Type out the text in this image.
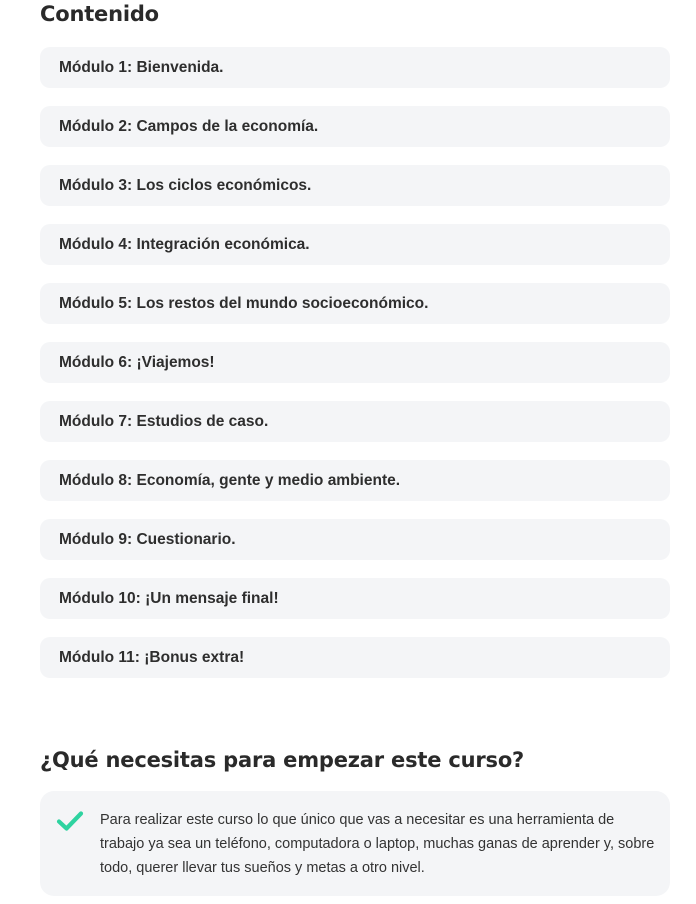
Contenido
Módulo 1: Bienvenida.
Módulo 2: Campos de la economía.
Módulo 3: Los ciclos económicos.
Módulo 4: Integración económica.
Módulo 5: Los restos del mundo socioeconómico.
Módulo 6: ¡Viajemos!
Módulo 7: Estudios de caso.
Módulo 8: Economía, gente y medio ambiente.
Módulo 9: Cuestionario.
Módulo 10: ¡Un mensaje final!
Módulo 11: ¡Bonus extra!
¿Qué necesitas para empezar este curso?

Para realizar este curso lo que único que vas a necesitar es una herramienta de trabajo ya sea un teléfono, computadora o laptop, muchas ganas de aprender y, sobre todo, querer llevar tus sueños y metas a otro nivel.
